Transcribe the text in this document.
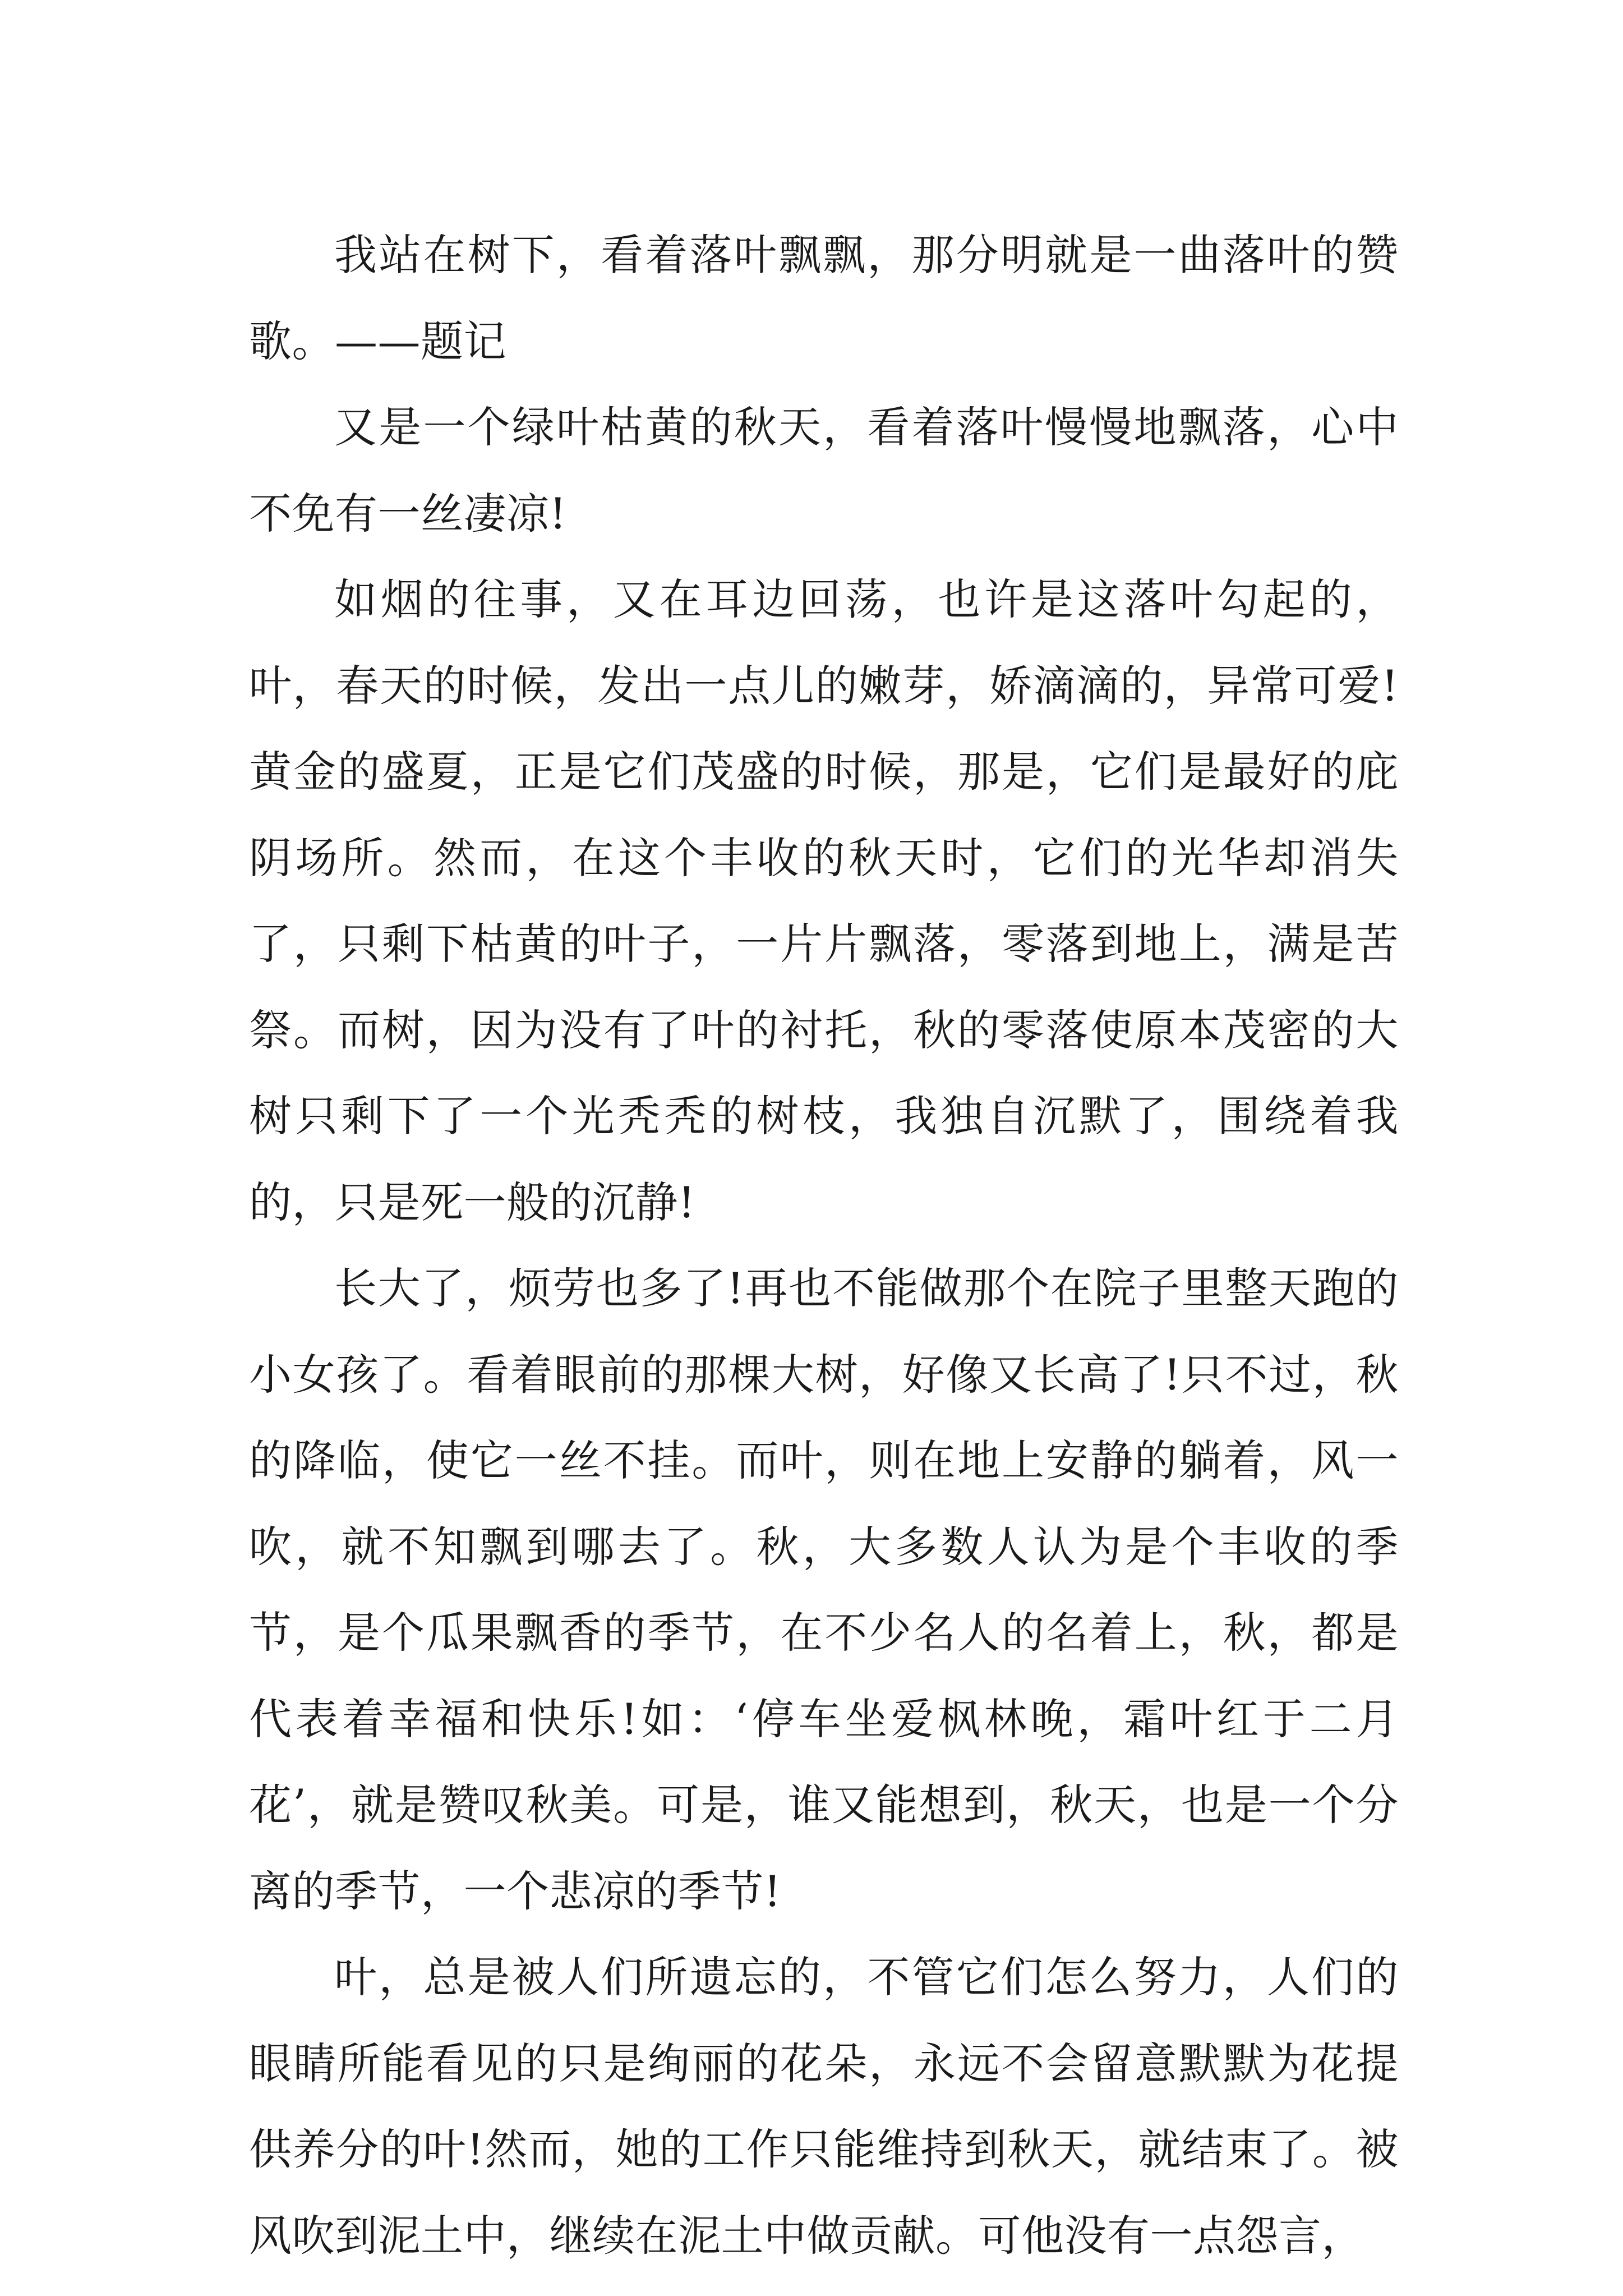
我站在树下，看着落叶飘飘，那分明就是一曲落叶的赞歌。——题记

又是一个绿叶枯黄的秋天，看着落叶慢慢地飘落，心中不免有一丝凄凉!

如烟的往事，又在耳边回荡，也许是这落叶勾起的，叶，春天的时候，发出一点儿的嫩芽，娇滴滴的，异常可爱!黄金的盛夏，正是它们茂盛的时候，那是，它们是最好的庇阴场所。然而，在这个丰收的秋天时，它们的光华却消失了，只剩下枯黄的叶子，一片片飘落，零落到地上，满是苦祭。而树，因为没有了叶的衬托，秋的零落使原本茂密的大树只剩下了一个光秃秃的树枝，我独自沉默了，围绕着我的，只是死一般的沉静!

长大了，烦劳也多了!再也不能做那个在院子里整天跑的小女孩了。看着眼前的那棵大树，好像又长高了!只不过，秋的降临，使它一丝不挂。而叶，则在地上安静的躺着，风一吹，就不知飘到哪去了。秋，大多数人认为是个丰收的季节，是个瓜果飘香的季节，在不少名人的名着上，秋，都是代表着幸福和快乐!如：‘停车坐爱枫林晚，霜叶红于二月花’，就是赞叹秋美。可是，谁又能想到，秋天，也是一个分离的季节，一个悲凉的季节!

叶，总是被人们所遗忘的，不管它们怎么努力，人们的眼睛所能看见的只是绚丽的花朵，永远不会留意默默为花提供养分的叶!然而，她的工作只能维持到秋天，就结束了。被风吹到泥土中，继续在泥土中做贡献。可他没有一点怨言，
